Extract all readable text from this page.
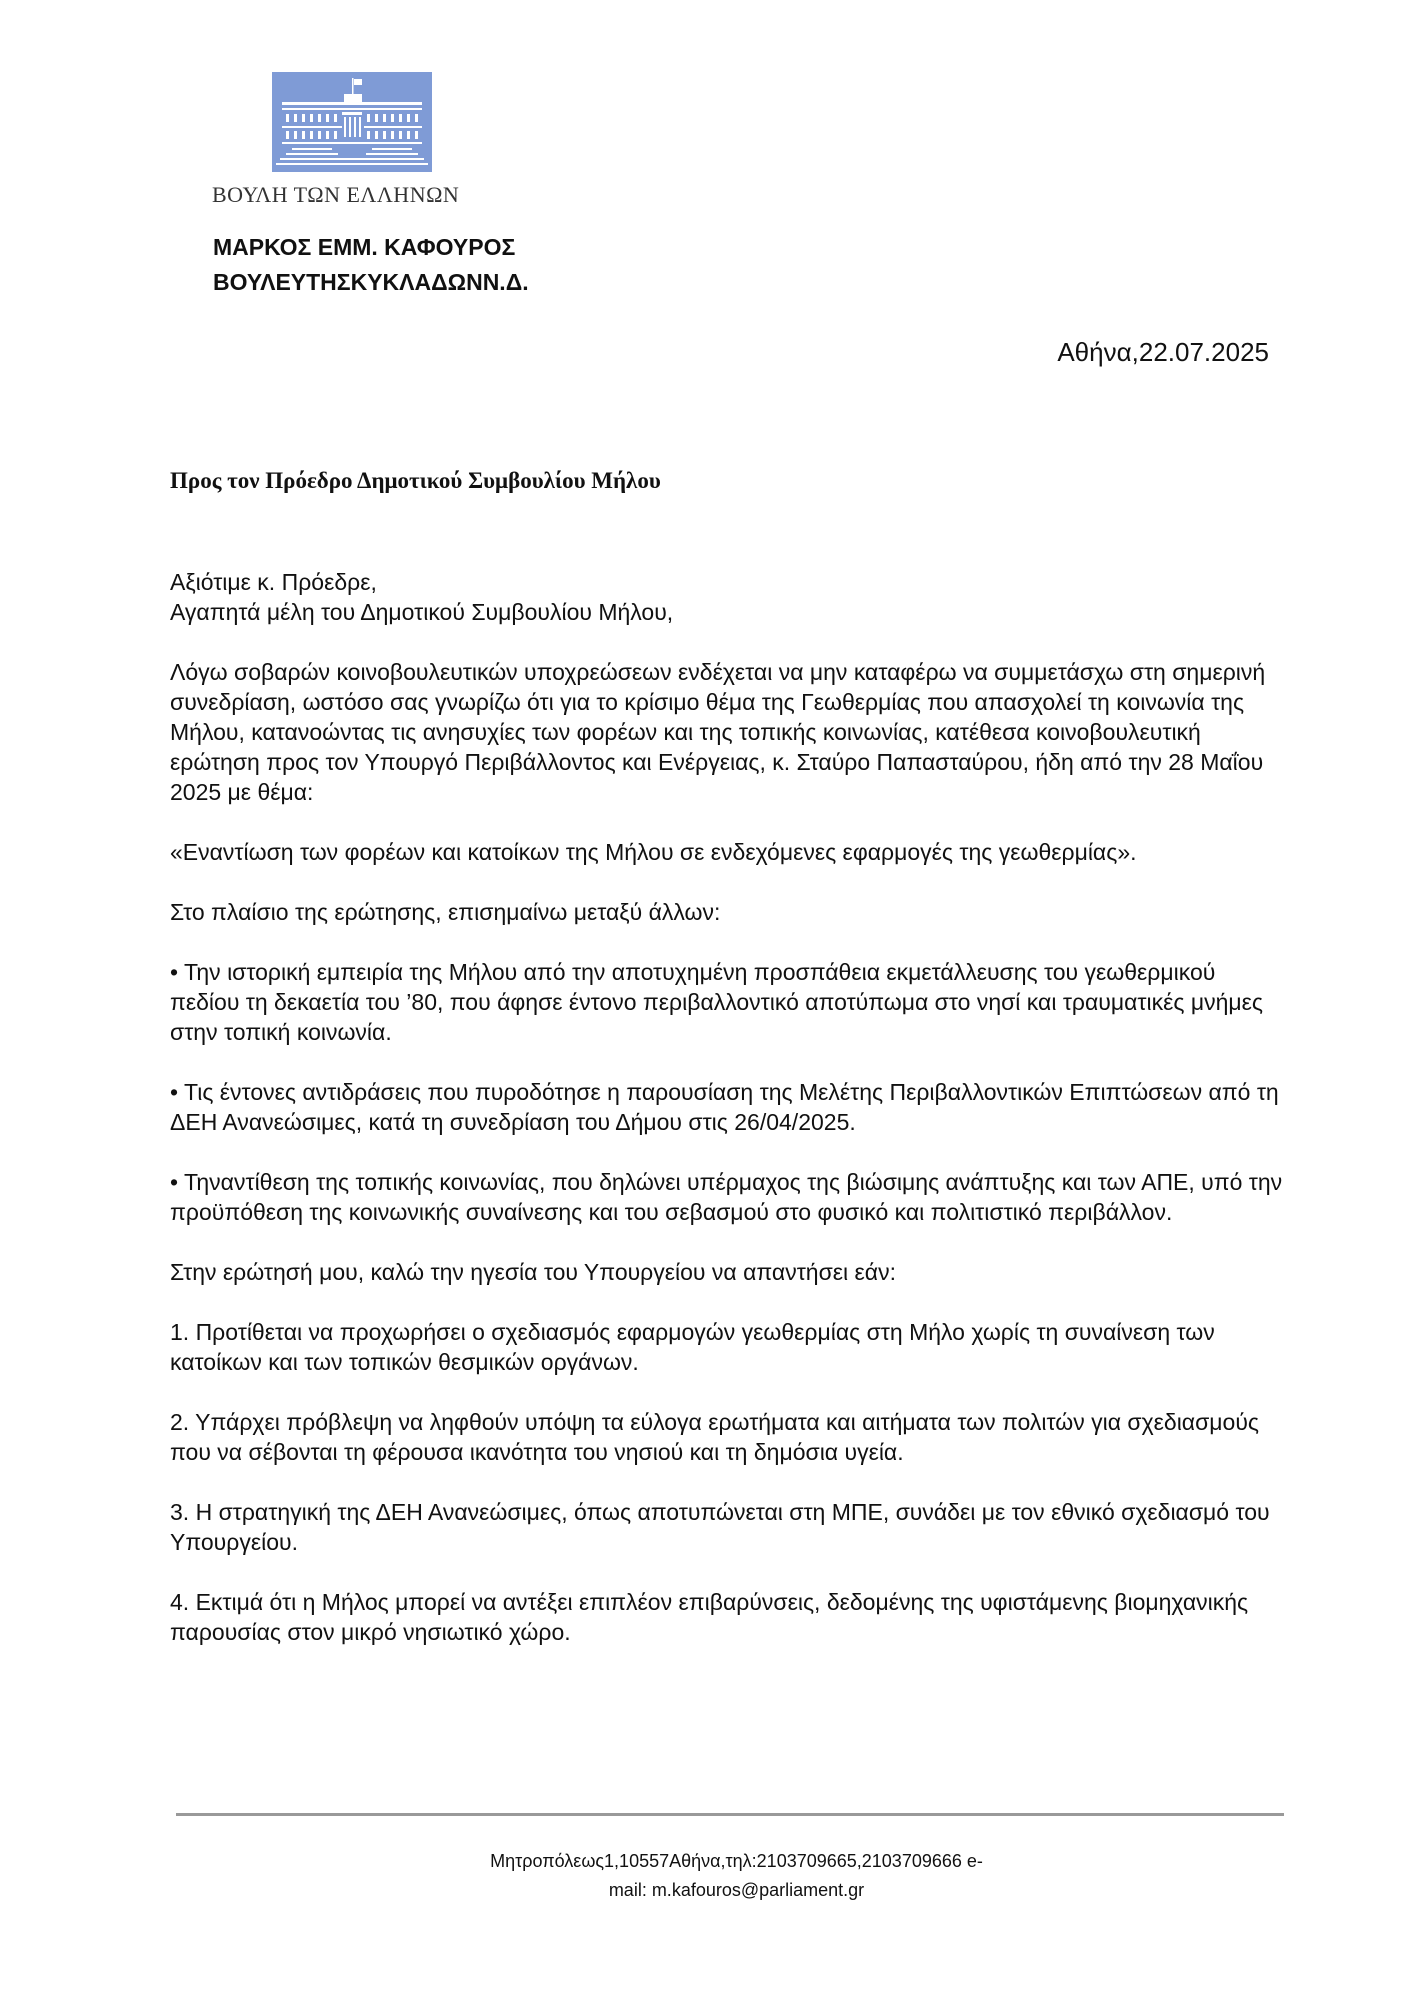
ΒΟΥΛΗ ΤΩΝ ΕΛΛΗΝΩΝ
ΜΑΡΚΟΣ ΕΜΜ. ΚΑΦΟΥΡΟΣ
ΒΟΥΛΕΥΤΗΣΚΥΚΛΑΔΩΝΝ.Δ.
Αθήνα,22.07.2025
Προς τον Πρόεδρο Δημοτικού Συμβουλίου Μήλου

Αξιότιμε κ. Πρόεδρε,
Αγαπητά μέλη του Δημοτικού Συμβουλίου Μήλου,

Λόγω σοβαρών κοινοβουλευτικών υποχρεώσεων ενδέχεται να μην καταφέρω να συμμετάσχω στη σημερινή συνεδρίαση, ωστόσο σας γνωρίζω ότι για το κρίσιμο θέμα της Γεωθερμίας που απασχολεί τη κοινωνία της Μήλου, κατανοώντας τις ανησυχίες των φορέων και της τοπικής κοινωνίας, κατέθεσα κοινοβουλευτική ερώτηση προς τον Υπουργό Περιβάλλοντος και Ενέργειας, κ. Σταύρο Παπασταύρου, ήδη από την 28 Μαΐου 2025 με θέμα:

«Εναντίωση των φορέων και κατοίκων της Μήλου σε ενδεχόμενες εφαρμογές της γεωθερμίας».

Στο πλαίσιο της ερώτησης, επισημαίνω μεταξύ άλλων:

• Την ιστορική εμπειρία της Μήλου από την αποτυχημένη προσπάθεια εκμετάλλευσης του γεωθερμικού πεδίου τη δεκαετία του ’80, που άφησε έντονο περιβαλλοντικό αποτύπωμα στο νησί και τραυματικές μνήμες στην τοπική κοινωνία.

• Τις έντονες αντιδράσεις που πυροδότησε η παρουσίαση της Μελέτης Περιβαλλοντικών Επιπτώσεων από τη ΔΕΗ Ανανεώσιμες, κατά τη συνεδρίαση του Δήμου στις 26/04/2025.

• Τηναντίθεση της τοπικής κοινωνίας, που δηλώνει υπέρμαχος της βιώσιμης ανάπτυξης και των ΑΠΕ, υπό την προϋπόθεση της κοινωνικής συναίνεσης και του σεβασμού στο φυσικό και πολιτιστικό περιβάλλον.

Στην ερώτησή μου, καλώ την ηγεσία του Υπουργείου να απαντήσει εάν:

1. Προτίθεται να προχωρήσει ο σχεδιασμός εφαρμογών γεωθερμίας στη Μήλο χωρίς τη συναίνεση των κατοίκων και των τοπικών θεσμικών οργάνων.

2. Υπάρχει πρόβλεψη να ληφθούν υπόψη τα εύλογα ερωτήματα και αιτήματα των πολιτών για σχεδιασμούς που να σέβονται τη φέρουσα ικανότητα του νησιού και τη δημόσια υγεία.

3. Η στρατηγική της ΔΕΗ Ανανεώσιμες, όπως αποτυπώνεται στη ΜΠΕ, συνάδει με τον εθνικό σχεδιασμό του Υπουργείου.

4. Εκτιμά ότι η Μήλος μπορεί να αντέξει επιπλέον επιβαρύνσεις, δεδομένης της υφιστάμενης βιομηχανικής παρουσίας στον μικρό νησιωτικό χώρο.

Μητροπόλεως1,10557Αθήνα,τηλ:2103709665,2103709666 e-
mail: m.kafouros@parliament.gr
